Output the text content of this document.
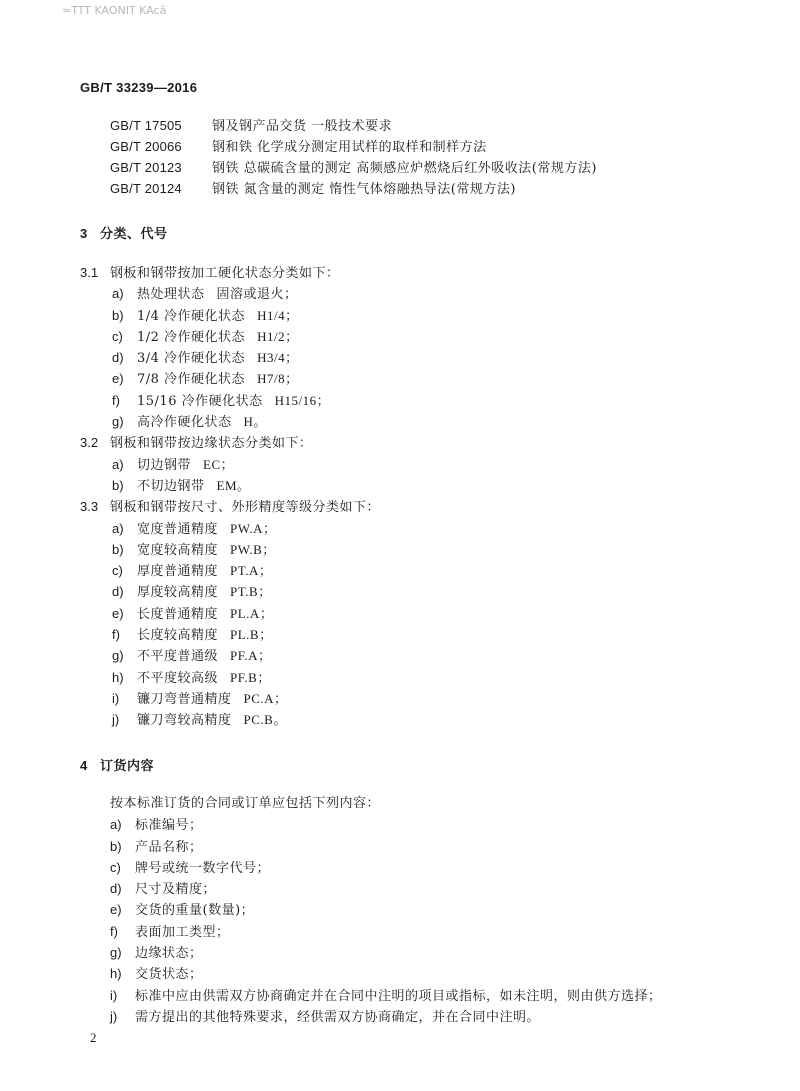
=TTT KAONIT KAcâ
GB/T 33239—2016
GB/T 17505 钢及钢产品交货 一般技术要求
GB/T 20066 钢和铁 化学成分测定用试样的取样和制样方法
GB/T 20123 钢铁 总碳硫含量的测定 高频感应炉燃烧后红外吸收法(常规方法)
GB/T 20124 钢铁 氮含量的测定 惰性气体熔融热导法(常规方法)
3 分类、代号
3.1 钢板和钢带按加工硬化状态分类如下：
a) 热处理状态 固溶或退火；
b) 1/4 冷作硬化状态 H1/4；
c) 1/2 冷作硬化状态 H1/2；
d) 3/4 冷作硬化状态 H3/4；
e) 7/8 冷作硬化状态 H7/8；
f) 15/16 冷作硬化状态 H15/16；
g) 高冷作硬化状态 H。
3.2 钢板和钢带按边缘状态分类如下：
a) 切边钢带 EC；
b) 不切边钢带 EM。
3.3 钢板和钢带按尺寸、外形精度等级分类如下：
a) 宽度普通精度 PW.A；
b) 宽度较高精度 PW.B；
c) 厚度普通精度 PT.A；
d) 厚度较高精度 PT.B；
e) 长度普通精度 PL.A；
f) 长度较高精度 PL.B；
g) 不平度普通级 PF.A；
h) 不平度较高级 PF.B；
i) 镰刀弯普通精度 PC.A；
j) 镰刀弯较高精度 PC.B。
4 订货内容
按本标准订货的合同或订单应包括下列内容：
a) 标准编号；
b) 产品名称；
c) 牌号或统一数字代号；
d) 尺寸及精度；
e) 交货的重量(数量)；
f) 表面加工类型；
g) 边缘状态；
h) 交货状态；
i) 标准中应由供需双方协商确定并在合同中注明的项目或指标，如未注明，则由供方选择；
j) 需方提出的其他特殊要求，经供需双方协商确定，并在合同中注明。
2
